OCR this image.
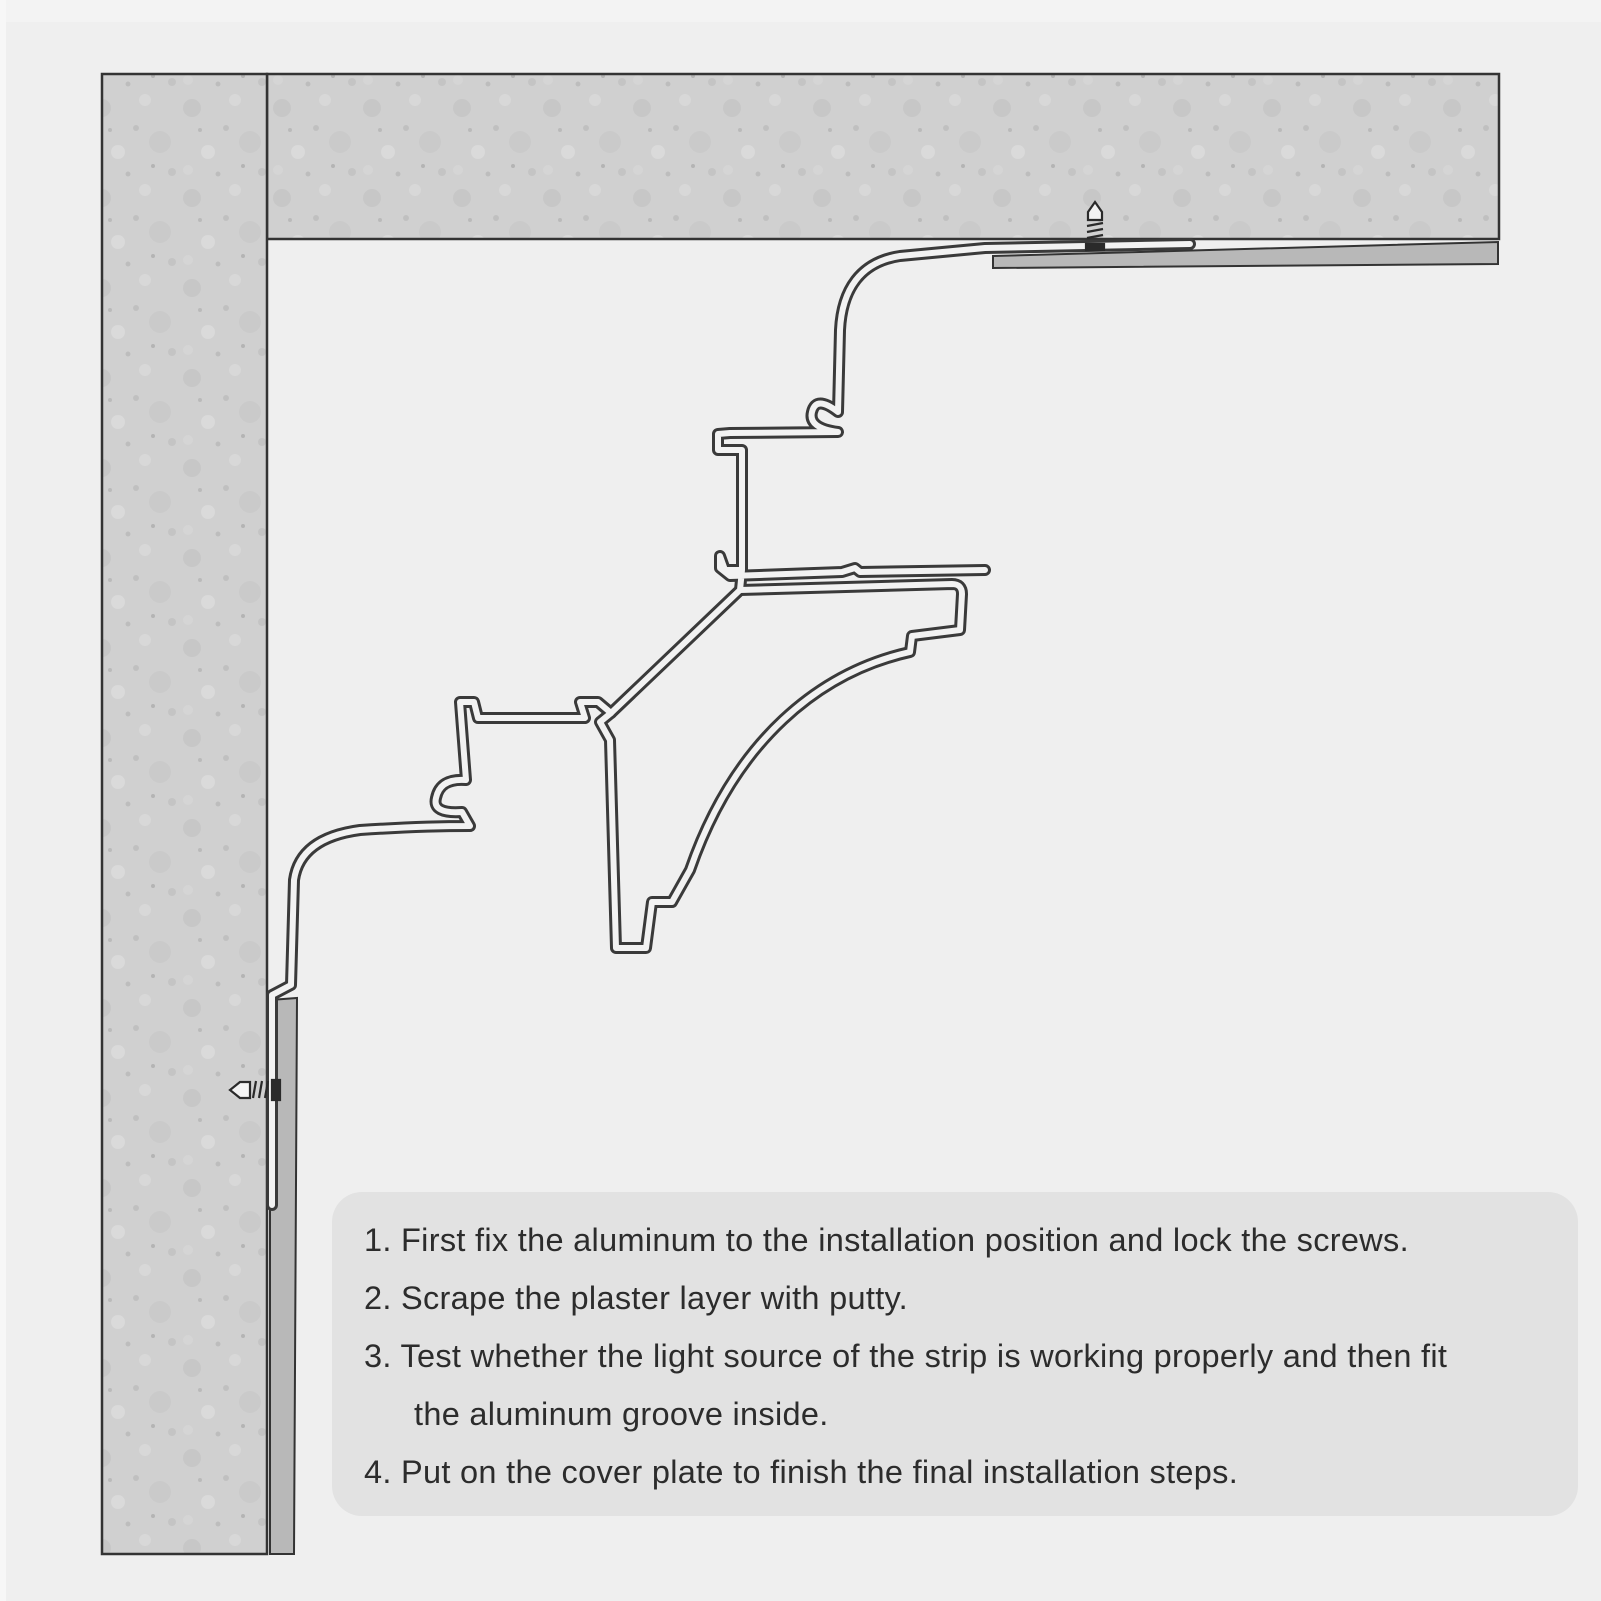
1. First fix the aluminum to the installation position and lock the screws.
2. Scrape the plaster layer with putty.
3. Test whether the light source of the strip is working properly and then fit
the aluminum groove inside.
4. Put on the cover plate to finish the final installation steps.
